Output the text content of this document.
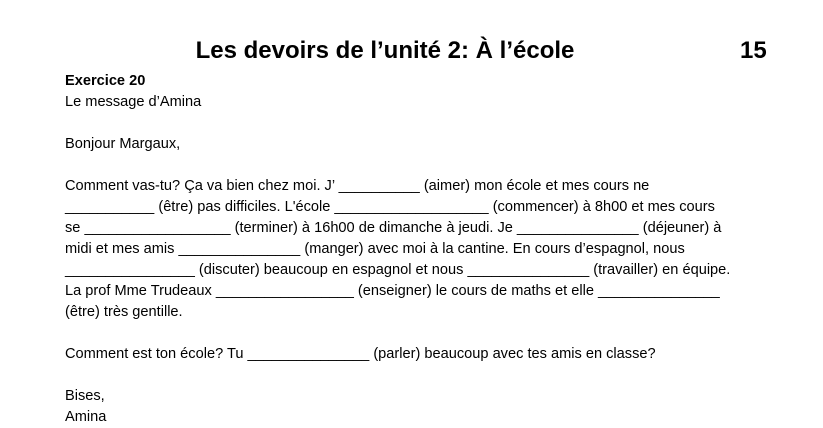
Les devoirs de l’unité 2: À l’école	15
Exercice 20
Le message d’Amina
Bonjour Margaux,
Comment vas-tu? Ça va bien chez moi. J’ __________ (aimer) mon école et mes cours ne
___________ (être) pas difficiles. L'école ___________________ (commencer) à 8h00 et mes cours
se __________________ (terminer) à 16h00 de dimanche à jeudi. Je _______________ (déjeuner) à
midi et mes amis _______________ (manger) avec moi à la cantine. En cours d’espagnol, nous
________________ (discuter) beaucoup en espagnol et nous _______________ (travailler) en équipe.
La prof Mme Trudeaux _________________ (enseigner) le cours de maths et elle _______________
(être) très gentille.
Comment est ton école? Tu _______________ (parler) beaucoup avec tes amis en classe?
Bises,
Amina
